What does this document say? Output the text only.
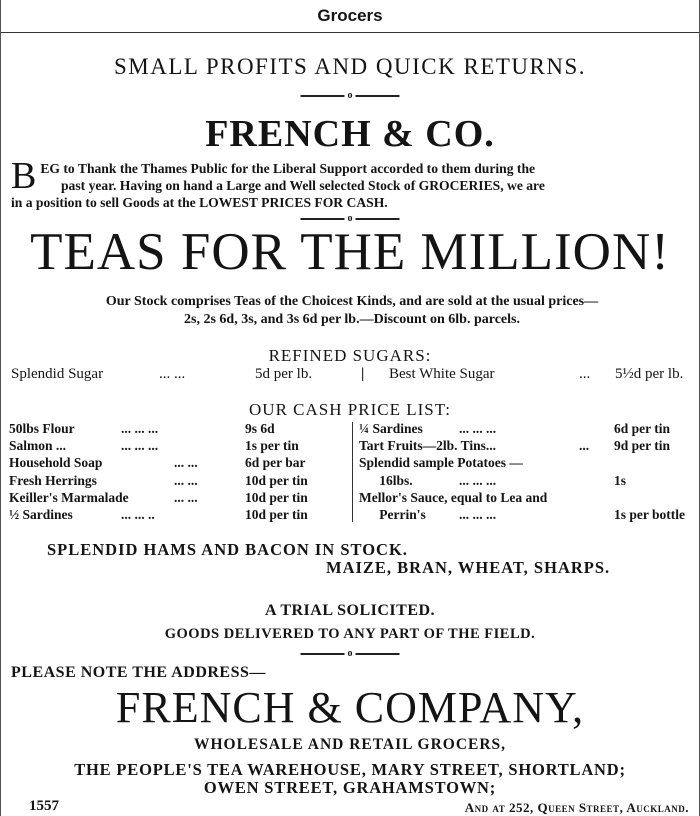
Grocers
SMALL PROFITS AND QUICK RETURNS.
o
FRENCH & CO.
B EG to Thank the Thames Public for the Liberal Support accorded to them during the
past year. Having on hand a Large and Well selected Stock of GROCERIES, we are
in a position to sell Goods at the LOWEST PRICES FOR CASH.
o
TEAS FOR THE MILLION!
Our Stock comprises Teas of the Choicest Kinds, and are sold at the usual prices—
2s, 2s 6d, 3s, and 3s 6d per lb.—Discount on 6lb. parcels.
REFINED SUGARS:
Splendid Sugar	... ...	5d per lb.	| Best White Sugar	... 5½d per lb.
OUR CASH PRICE LIST:
50lbs Flour	... ... ...	9s 6d
Salmon ...	... ... ...	1s per tin
Household Soap	... ...	6d per bar
Fresh Herrings	... ...	10d per tin
Keiller's Marmalade	... ...	10d per tin
½ Sardines	... ... ..	10d per tin
¼ Sardines	... ... ...	6d per tin
Tart Fruits—2lb. Tins...	... 9d per tin
Splendid sample Potatoes —
16lbs.	... ... ...	1s
Mellor's Sauce, equal to Lea and
Perrin's ... ... ...	1s per bottle
SPLENDID HAMS AND BACON IN STOCK.
MAIZE, BRAN, WHEAT, SHARPS.
A TRIAL SOLICITED.
GOODS DELIVERED TO ANY PART OF THE FIELD.
o
PLEASE NOTE THE ADDRESS—
FRENCH & COMPANY,
WHOLESALE AND RETAIL GROCERS,
THE PEOPLE'S TEA WAREHOUSE, MARY STREET, SHORTLAND;
OWEN STREET, GRAHAMSTOWN;
1557	And at 252, Queen Street, Auckland.
